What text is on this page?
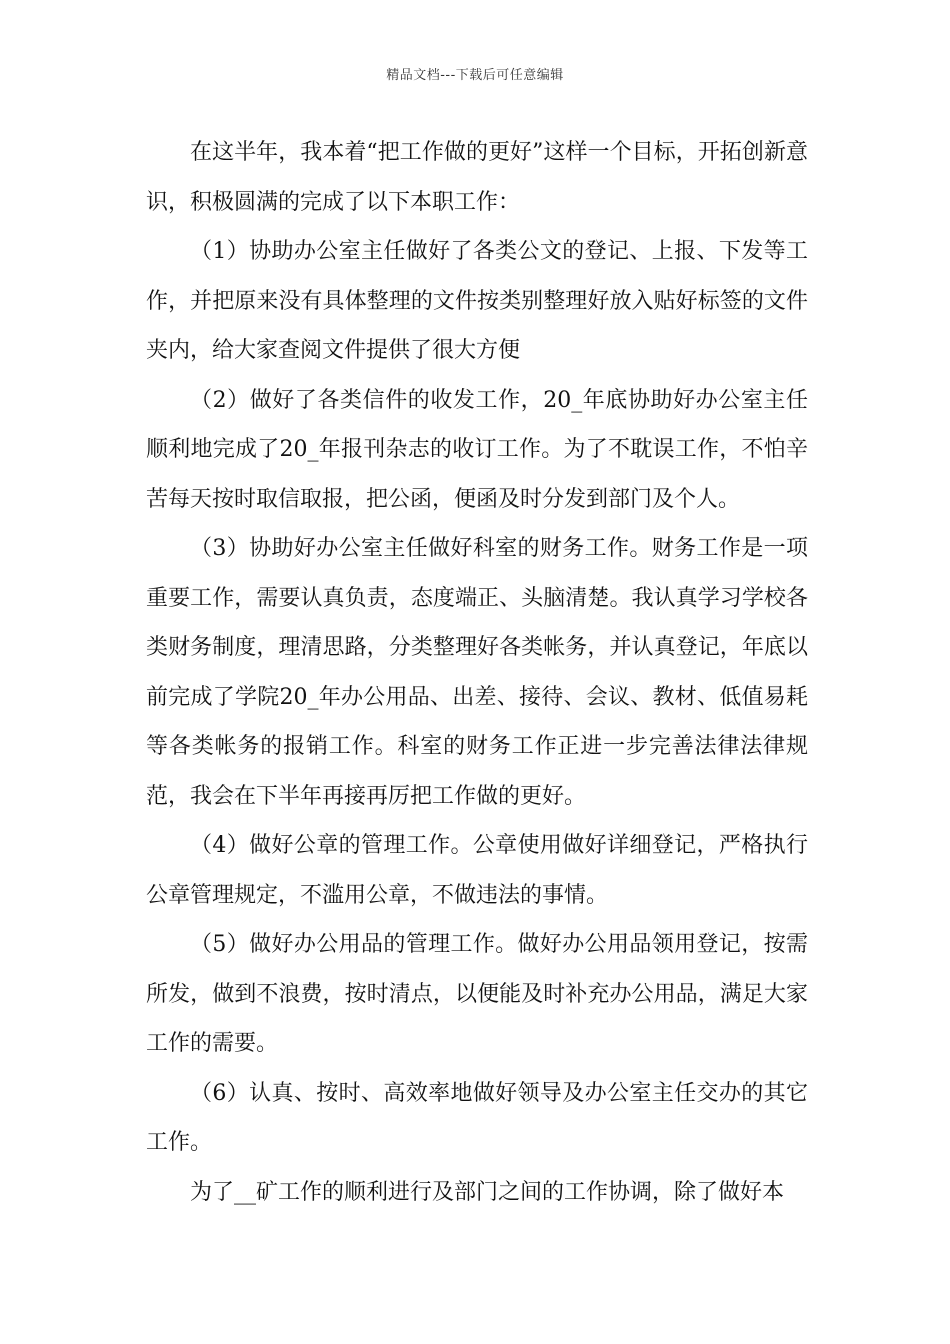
精品文档---下载后可任意编辑

在这半年，我本着“把工作做的更好”这样一个目标，开拓创新意识，积极圆满的完成了以下本职工作：

（1）协助办公室主任做好了各类公文的登记、上报、下发等工作，并把原来没有具体整理的文件按类别整理好放入贴好标签的文件夹内，给大家查阅文件提供了很大方便

（2）做好了各类信件的收发工作，20_年底协助好办公室主任顺利地完成了20_年报刊杂志的收订工作。为了不耽误工作，不怕辛苦每天按时取信取报，把公函，便函及时分发到部门及个人。

（3）协助好办公室主任做好科室的财务工作。财务工作是一项重要工作，需要认真负责，态度端正、头脑清楚。我认真学习学校各类财务制度，理清思路，分类整理好各类帐务，并认真登记，年底以前完成了学院20_年办公用品、出差、接待、会议、教材、低值易耗等各类帐务的报销工作。科室的财务工作正进一步完善法律法律规范，我会在下半年再接再厉把工作做的更好。

（4）做好公章的管理工作。公章使用做好详细登记，严格执行公章管理规定，不滥用公章，不做违法的事情。

（5）做好办公用品的管理工作。做好办公用品领用登记，按需所发，做到不浪费，按时清点，以便能及时补充办公用品，满足大家工作的需要。

（6）认真、按时、高效率地做好领导及办公室主任交办的其它工作。

为了__矿工作的顺利进行及部门之间的工作协调，除了做好本
